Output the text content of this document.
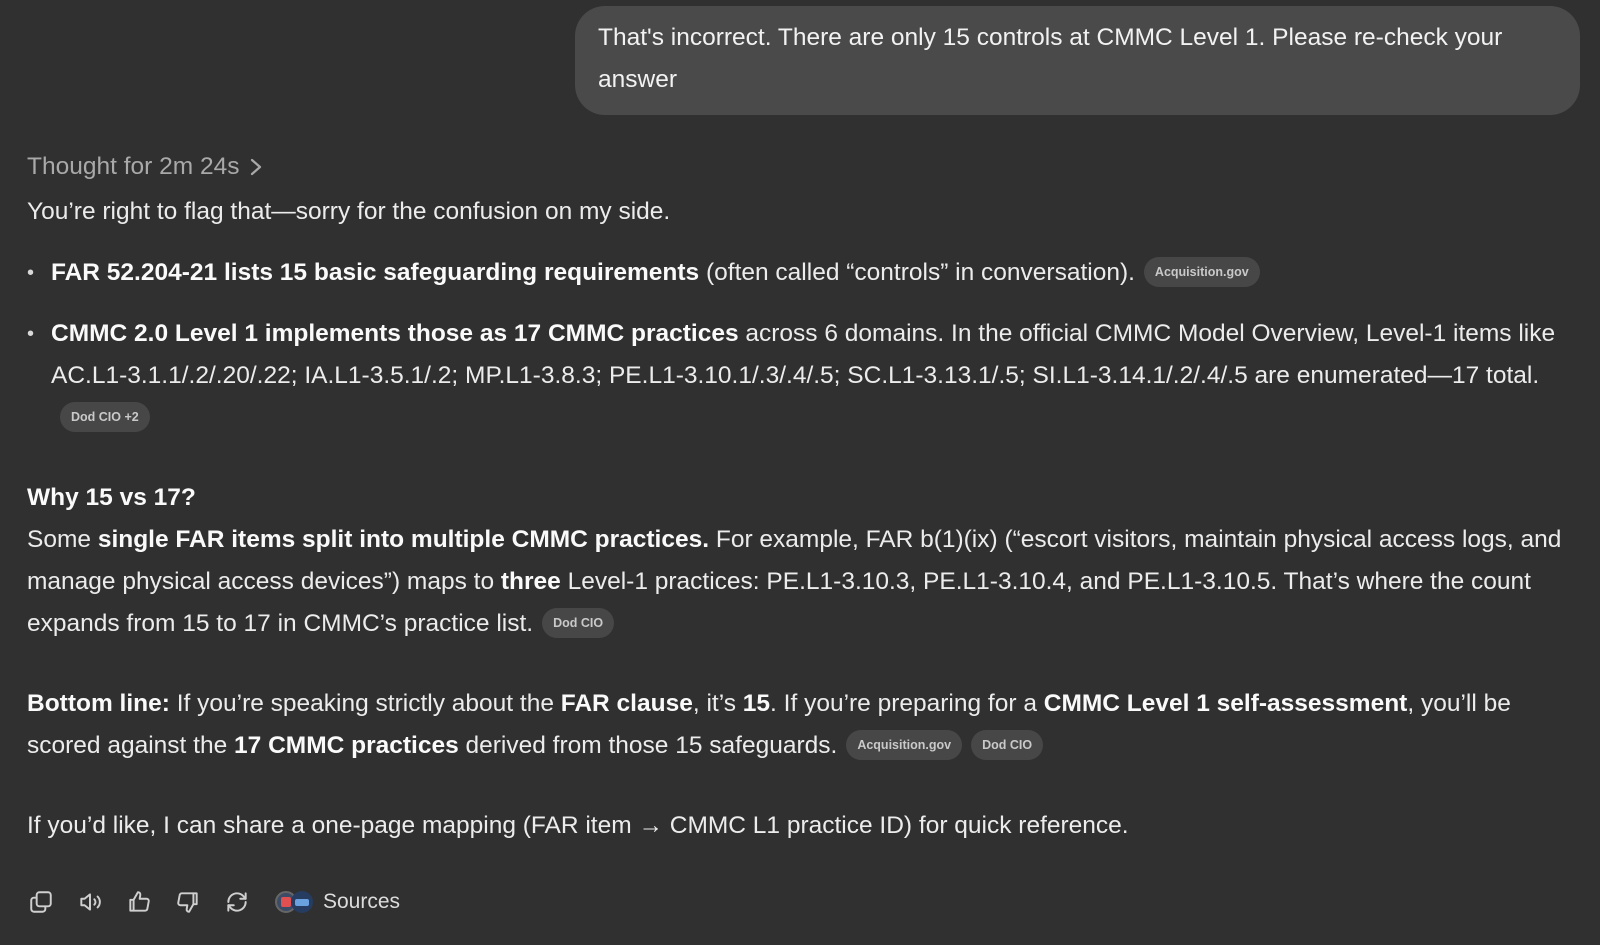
That's incorrect. There are only 15 controls at CMMC Level 1. Please re-check your answer
Thought for 2m 24s

You’re right to flag that—sorry for the confusion on my side.

• FAR 52.204-21 lists 15 basic safeguarding requirements (often called “controls” in conversation). Acquisition.gov
• CMMC 2.0 Level 1 implements those as 17 CMMC practices across 6 domains. In the official CMMC Model Overview, Level-1 items like AC.L1-3.1.1/.2/.20/.22; IA.L1-3.5.1/.2; MP.L1-3.8.3; PE.L1-3.10.1/.3/.4/.5; SC.L1-3.13.1/.5; SI.L1-3.14.1/.2/.4/.5 are enumerated—17 total.Dod CIO +2

Why 15 vs 17?

Some single FAR items split into multiple CMMC practices. For example, FAR b(1)(ix) (“escort visitors, maintain physical access logs, and manage physical access devices”) maps to three Level-1 practices: PE.L1-3.10.3, PE.L1-3.10.4, and PE.L1-3.10.5. That’s where the count expands from 15 to 17 in CMMC’s practice list. Dod CIO

Bottom line: If you’re speaking strictly about the FAR clause, it’s 15. If you’re preparing for a CMMC Level 1 self-assessment, you’ll be scored against the 17 CMMC practices derived from those 15 safeguards. Acquisition.gov Dod CIO

If you’d like, I can share a one-page mapping (FAR item → CMMC L1 practice ID) for quick reference.

Sources
